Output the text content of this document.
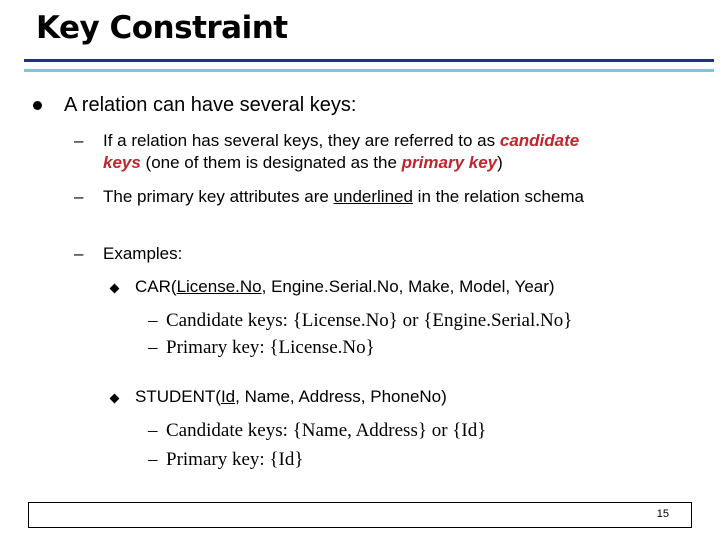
Key Constraint
A relation can have several keys:
– If a relation has several keys, they are referred to as candidate
keys (one of them is designated as the primary key)
– The primary key attributes are underlined in the relation schema
– Examples:
CAR(License.No, Engine.Serial.No, Make, Model, Year)
– Candidate keys: {License.No} or {Engine.Serial.No}
– Primary key: {License.No}
STUDENT(Id, Name, Address, PhoneNo)
– Candidate keys: {Name, Address} or {Id}
– Primary key: {Id}
15
